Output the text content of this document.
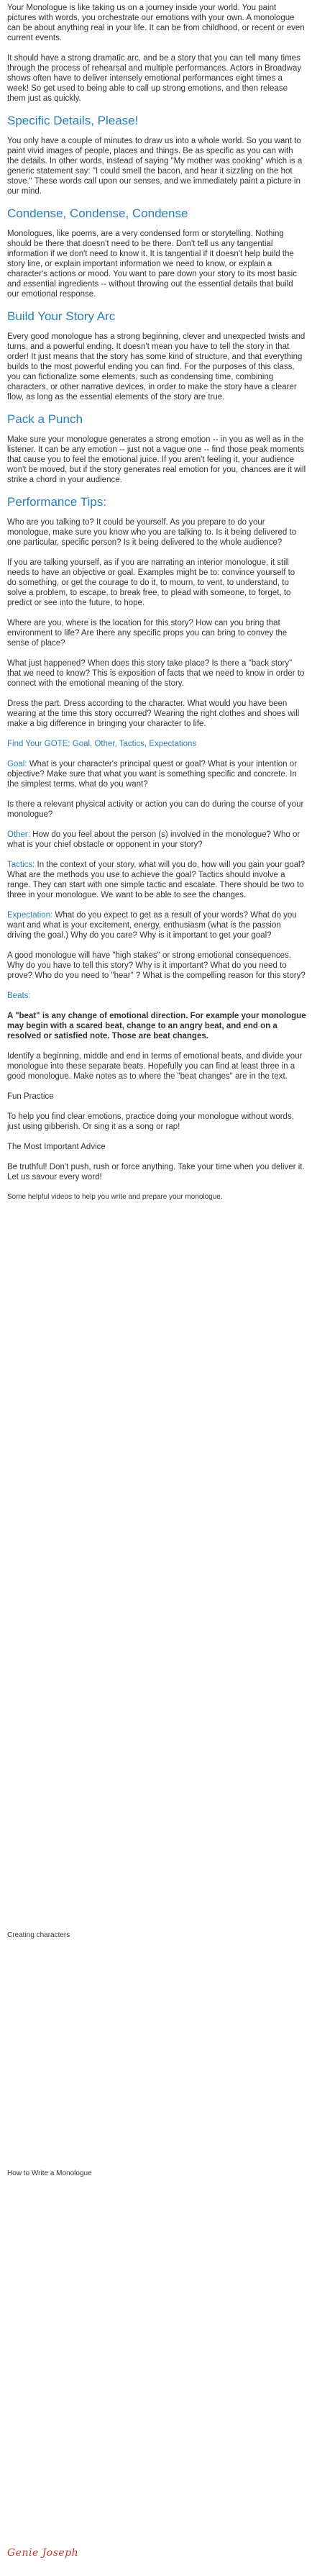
Your Monologue is like taking us on a journey inside your world. You paint pictures with words, you orchestrate our emotions with your own. A monologue can be about anything real in your life. It can be from childhood, or recent or even current events.

It should have a strong dramatic arc, and be a story that you can tell many times through the process of rehearsal and multiple performances. Actors in Broadway shows often have to deliver intensely emotional performances eight times a week! So get used to being able to call up strong emotions, and then release them just as quickly.

Specific Details, Please!

You only have a couple of minutes to draw us into a whole world. So you want to paint vivid images of people, places and things. Be as specific as you can with the details. In other words, instead of saying "My mother was cooking" which is a generic statement say: "I could smell the bacon, and hear it sizzling on the hot stove." These words call upon our senses, and we immediately paint a picture in our mind.

Condense, Condense, Condense

Monologues, like poems, are a very condensed form or storytelling. Nothing should be there that doesn't need to be there. Don't tell us any tangential information if we don't need to know it. It is tangential if it doesn't help build the story line, or explain important information we need to know, or explain a character's actions or mood. You want to pare down your story to its most basic and essential ingredients -- without throwing out the essential details that build our emotional response.

Build Your Story Arc

Every good monologue has a strong beginning, clever and unexpected twists and turns, and a powerful ending. It doesn't mean you have to tell the story in that order! It just means that the story has some kind of structure, and that everything builds to the most powerful ending you can find. For the purposes of this class, you can fictionalize some elements, such as condensing time, combining characters, or other narrative devices, in order to make the story have a clearer flow, as long as the essential elements of the story are true.

Pack a Punch

Make sure your monologue generates a strong emotion -- in you as well as in the listener. It can be any emotion -- just not a vague one -- find those peak moments that cause you to feel the emotional juice. If you aren't feeling it, your audience won't be moved, but if the story generates real emotion for you, chances are it will strike a chord in your audience.

Performance Tips:

Who are you talking to? It could be yourself. As you prepare to do your monologue, make sure you know who you are talking to. Is it being delivered to one particular, specific person? Is it being delivered to the whole audience?

If you are talking yourself, as if you are narrating an interior monologue, it still needs to have an objective or goal. Examples might be to: convince yourself to do something, or get the courage to do it, to mourn, to vent, to understand, to solve a problem, to escape, to break free, to plead with someone, to forget, to predict or see into the future, to hope.

Where are you, where is the location for this story? How can you bring that environment to life? Are there any specific props you can bring to convey the sense of place?

What just happened? When does this story take place? Is there a "back story" that we need to know? This is exposition of facts that we need to know in order to connect with the emotional meaning of the story.

Dress the part. Dress according to the character. What would you have been wearing at the time this story occurred? Wearing the right clothes and shoes will make a big difference in bringing your character to life.

Find Your GOTE: Goal, Other, Tactics, Expectations

Goal: What is your character's principal quest or goal? What is your intention or objective? Make sure that what you want is something specific and concrete. In the simplest terms, what do you want?

Is there a relevant physical activity or action you can do during the course of your monologue?

Other: How do you feel about the person (s) involved in the monologue? Who or what is your chief obstacle or opponent in your story?

Tactics: In the context of your story, what will you do, how will you gain your goal? What are the methods you use to achieve the goal? Tactics should involve a range. They can start with one simple tactic and escalate. There should be two to three in your monologue. We want to be able to see the changes.

Expectation: What do you expect to get as a result of your words? What do you want and what is your excitement, energy, enthusiasm (what is the passion driving the goal.) Why do you care? Why is it important to get your goal?

A good monologue will have "high stakes" or strong emotional consequences. Why do you have to tell this story? Why is it important? What do you need to prove? Who do you need to "hear" ? What is the compelling reason for this story?

Beats:

A "beat" is any change of emotional direction. For example your monologue may begin with a scared beat, change to an angry beat, and end on a resolved or satisfied note. Those are beat changes.

Identify a beginning, middle and end in terms of emotional beats, and divide your monologue into these separate beats. Hopefully you can find at least three in a good monologue. Make notes as to where the "beat changes" are in the text.

Fun Practice

To help you find clear emotions, practice doing your monologue without words, just using gibberish. Or sing it as a song or rap!

The Most Important Advice

Be truthful! Don't push, rush or force anything. Take your time when you deliver it. Let us savour every word!

Some helpful videos to help you write and prepare your monologue.

Creating characters
How to Write a Monologue
Genie Joseph
